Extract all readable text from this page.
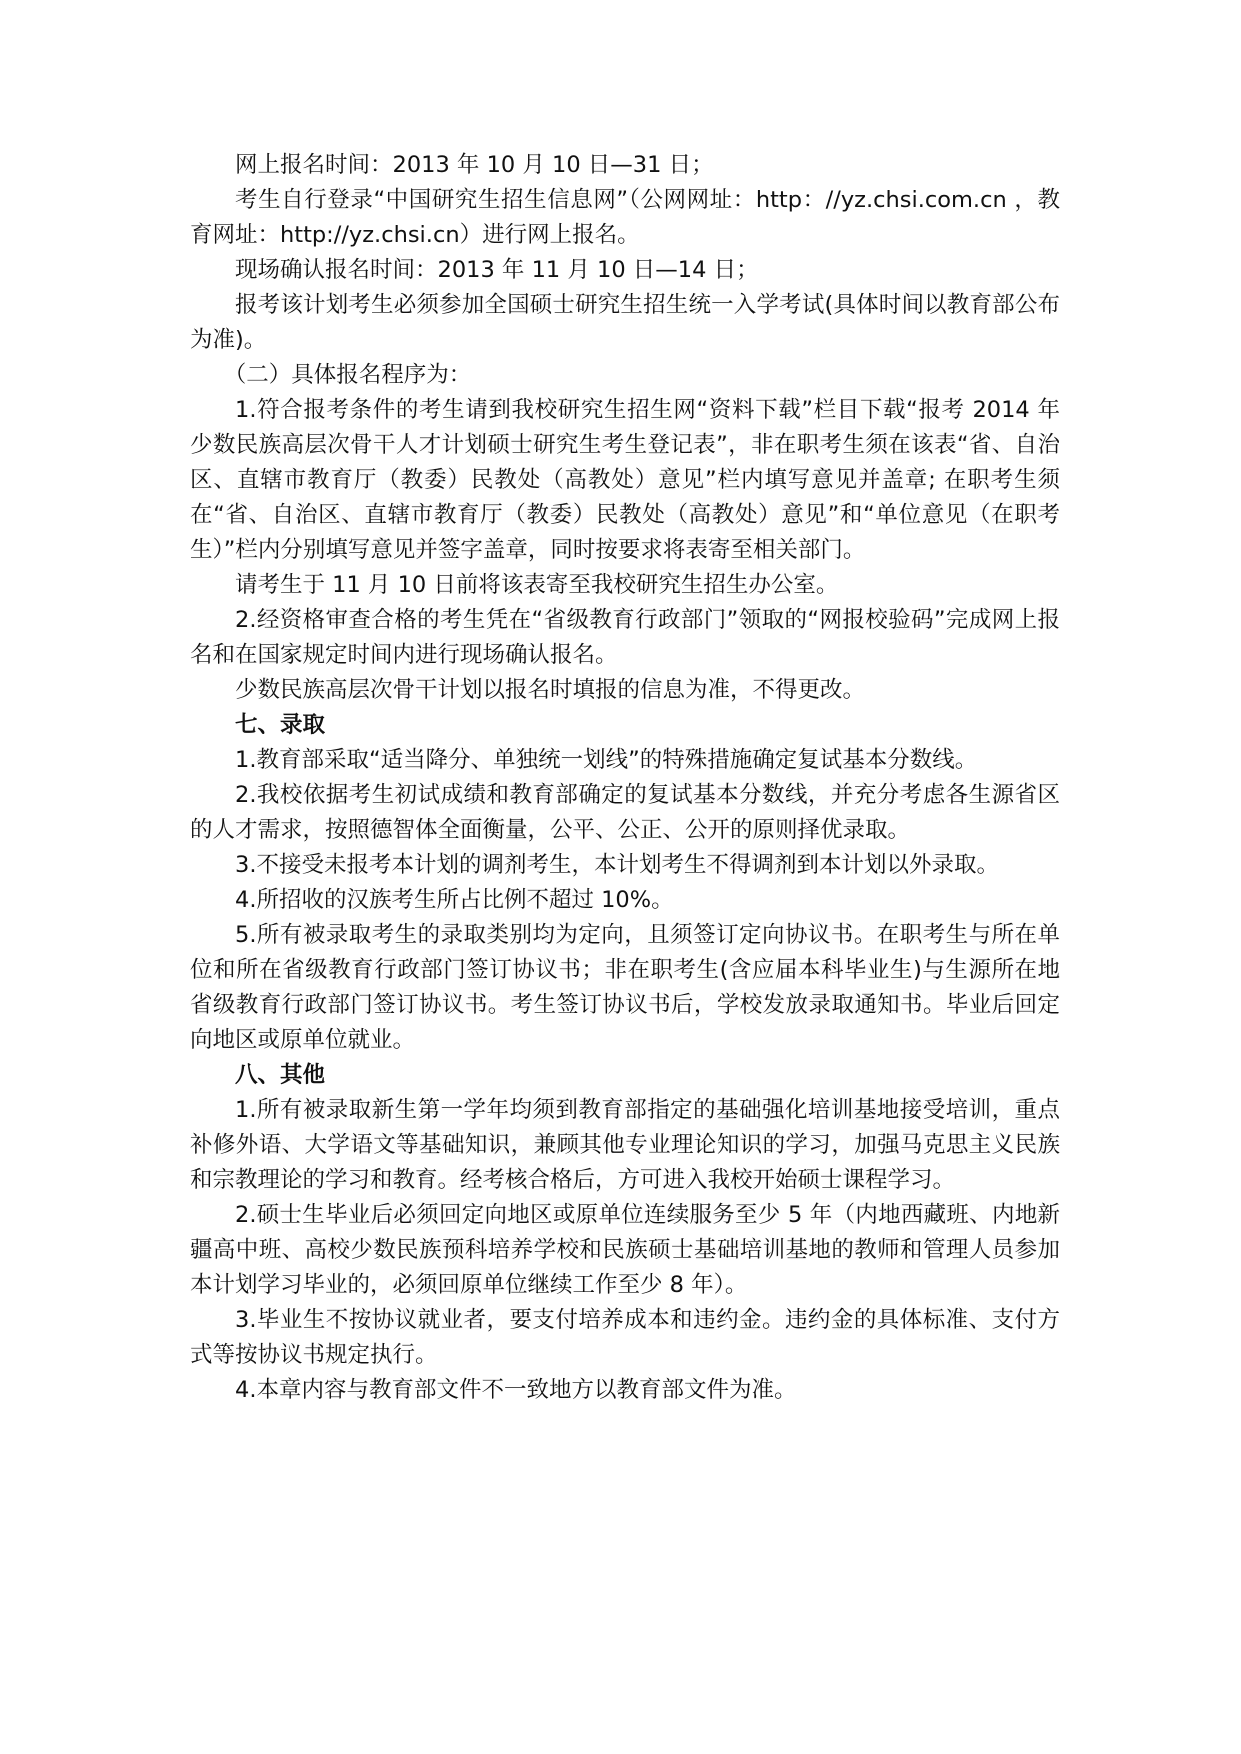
网上报名时间：2013 年 10 月 10 日—31 日；

考生自行登录“中国研究生招生信息网”（公网网址：http：//yz.chsi.com.cn ，教育网址：http://yz.chsi.cn）进行网上报名。

现场确认报名时间：2013 年 11 月 10 日—14 日；

报考该计划考生必须参加全国硕士研究生招生统一入学考试(具体时间以教育部公布为准)。

（二）具体报名程序为：

1.符合报考条件的考生请到我校研究生招生网“资料下载”栏目下载“报考 2014 年少数民族高层次骨干人才计划硕士研究生考生登记表”，非在职考生须在该表“省、自治区、直辖市教育厅（教委）民教处（高教处）意见”栏内填写意见并盖章; 在职考生须在“省、自治区、直辖市教育厅（教委）民教处（高教处）意见”和“单位意见（在职考生）”栏内分别填写意见并签字盖章，同时按要求将表寄至相关部门。

请考生于 11 月 10 日前将该表寄至我校研究生招生办公室。

2.经资格审查合格的考生凭在“省级教育行政部门”领取的“网报校验码”完成网上报名和在国家规定时间内进行现场确认报名。

少数民族高层次骨干计划以报名时填报的信息为准，不得更改。

七、录取

1.教育部采取“适当降分、单独统一划线”的特殊措施确定复试基本分数线。

2.我校依据考生初试成绩和教育部确定的复试基本分数线，并充分考虑各生源省区的人才需求，按照德智体全面衡量，公平、公正、公开的原则择优录取。

3.不接受未报考本计划的调剂考生，本计划考生不得调剂到本计划以外录取。

4.所招收的汉族考生所占比例不超过 10%。

5.所有被录取考生的录取类别均为定向，且须签订定向协议书。在职考生与所在单位和所在省级教育行政部门签订协议书；非在职考生(含应届本科毕业生)与生源所在地省级教育行政部门签订协议书。考生签订协议书后，学校发放录取通知书。毕业后回定向地区或原单位就业。

八、其他

1.所有被录取新生第一学年均须到教育部指定的基础强化培训基地接受培训，重点补修外语、大学语文等基础知识，兼顾其他专业理论知识的学习，加强马克思主义民族和宗教理论的学习和教育。经考核合格后，方可进入我校开始硕士课程学习。

2.硕士生毕业后必须回定向地区或原单位连续服务至少 5 年（内地西藏班、内地新疆高中班、高校少数民族预科培养学校和民族硕士基础培训基地的教师和管理人员参加本计划学习毕业的，必须回原单位继续工作至少 8 年）。

3.毕业生不按协议就业者，要支付培养成本和违约金。违约金的具体标准、支付方式等按协议书规定执行。

4.本章内容与教育部文件不一致地方以教育部文件为准。
